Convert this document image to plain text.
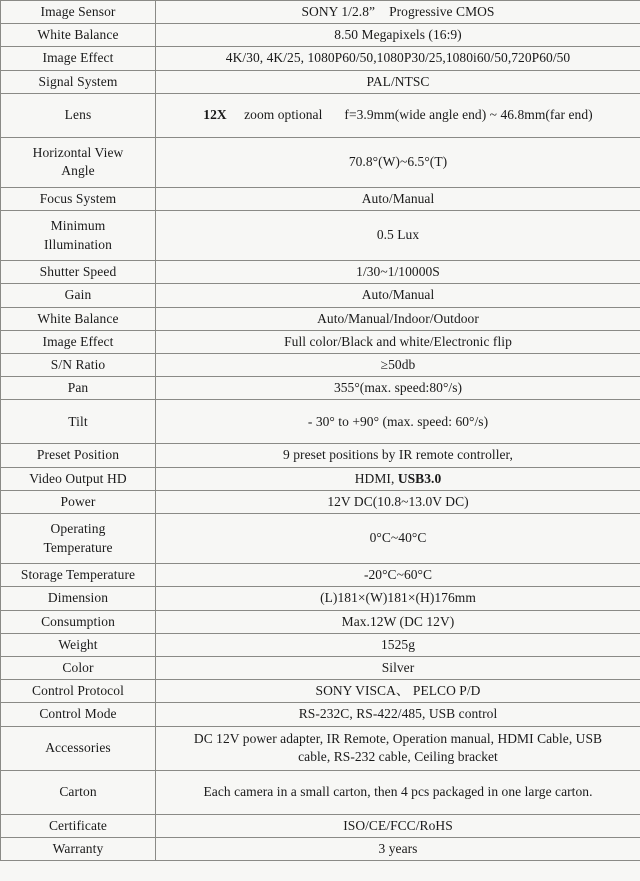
Image Sensor	SONY 1/2.8” Progressive CMOS
White Balance	8.50 Megapixels (16:9)
Image Effect	4K/30, 4K/25, 1080P60/50,1080P30/25,1080i60/50,720P60/50
Signal System	PAL/NTSC
Lens	12X zoom optional f=3.9mm(wide angle end) ~ 46.8mm(far end)
Horizontal View
Angle	70.8°(W)~6.5°(T)
Focus System	Auto/Manual
Minimum
Illumination	0.5 Lux
Shutter Speed	1/30~1/10000S
Gain	Auto/Manual
White Balance	Auto/Manual/Indoor/Outdoor
Image Effect	Full color/Black and white/Electronic flip
S/N Ratio	≥50db
Pan	355°(max. speed:80°/s)
Tilt	- 30° to +90° (max. speed: 60°/s)
Preset Position	9 preset positions by IR remote controller,
Video Output HD	HDMI, USB3.0
Power	12V DC(10.8~13.0V DC)
Operating
Temperature	0°C~40°C
Storage Temperature	-20°C~60°C
Dimension	(L)181×(W)181×(H)176mm
Consumption	Max.12W (DC 12V)
Weight	1525g
Color	Silver
Control Protocol	SONY VISCA、 PELCO P/D
Control Mode	RS-232C, RS-422/485, USB control
Accessories	DC 12V power adapter, IR Remote, Operation manual, HDMI Cable, USB cable, RS-232 cable, Ceiling bracket

Carton	Each camera in a small carton, then 4 pcs packaged in one large carton.

Certificate	ISO/CE/FCC/RoHS
Warranty	3 years
